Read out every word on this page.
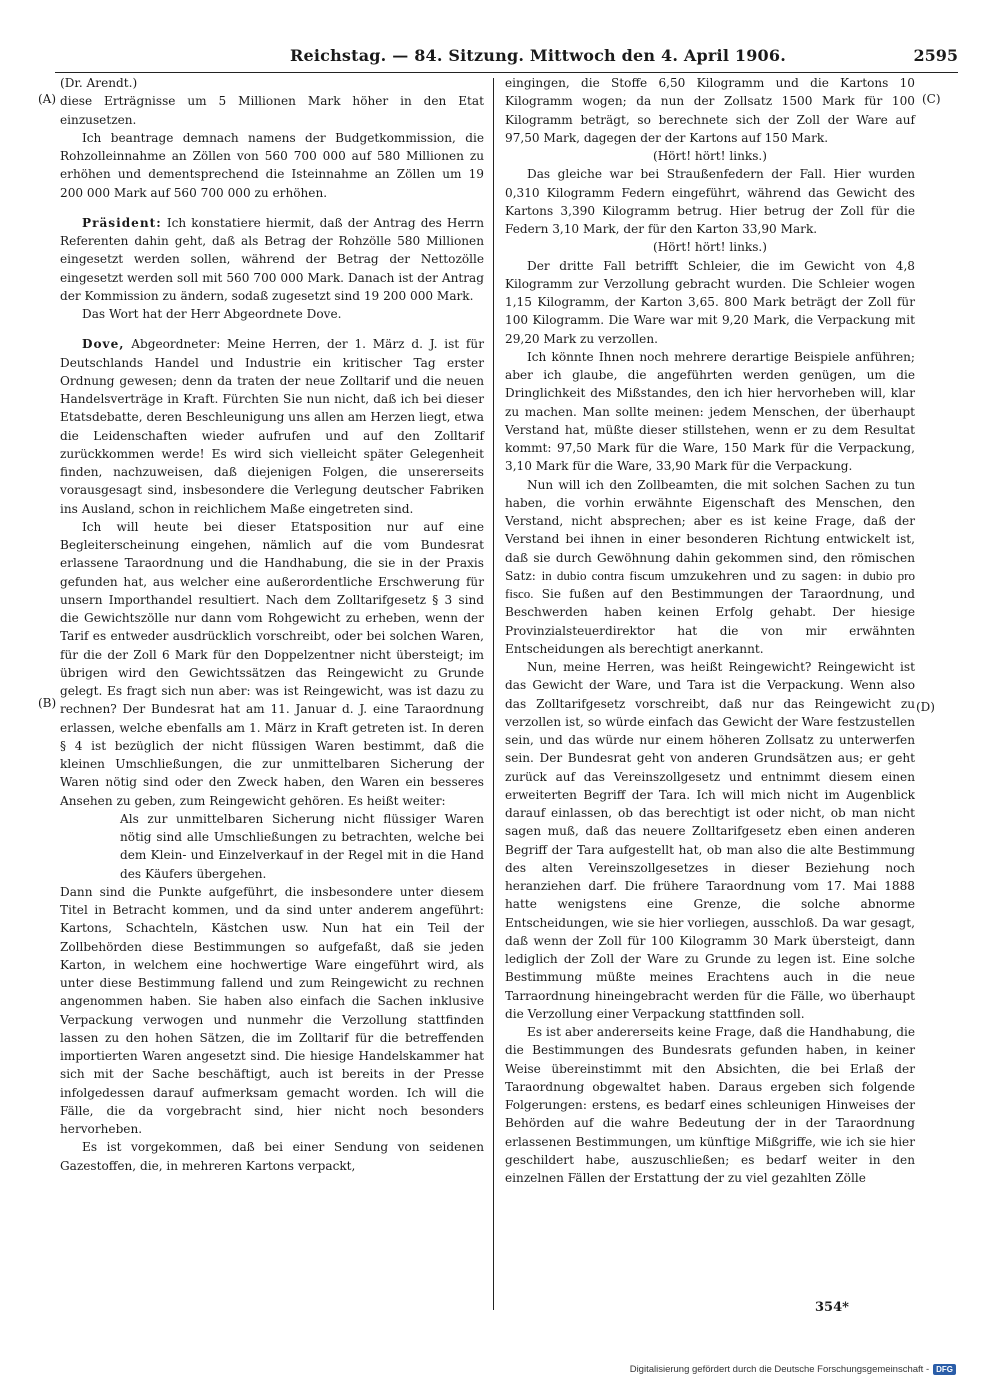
Reichstag. — 84. Sitzung. Mittwoch den 4. April 1906.	2595
(A)
(B)
(C)
(D)

(Dr. Arendt.)

diese Erträgnisse um 5 Millionen Mark höher in den Etat einzusetzen.

Ich beantrage demnach namens der Budgetkommission, die Rohzolleinnahme an Zöllen von 560 700 000 auf 580 Millionen zu erhöhen und dementsprechend die Isteinnahme an Zöllen um 19 200 000 Mark auf 560 700 000 zu erhöhen.

Präsident: Ich konstatiere hiermit, daß der Antrag des Herrn Referenten dahin geht, daß als Betrag der Rohzölle 580 Millionen eingesetzt werden sollen, während der Betrag der Nettozölle eingesetzt werden soll mit 560 700 000 Mark. Danach ist der Antrag der Kommission zu ändern, sodaß zugesetzt sind 19 200 000 Mark.

Das Wort hat der Herr Abgeordnete Dove.

Dove, Abgeordneter: Meine Herren, der 1. März d. J. ist für Deutschlands Handel und Industrie ein kritischer Tag erster Ordnung gewesen; denn da traten der neue Zolltarif und die neuen Handelsverträge in Kraft. Fürchten Sie nun nicht, daß ich bei dieser Etatsdebatte, deren Beschleunigung uns allen am Herzen liegt, etwa die Leidenschaften wieder aufrufen und auf den Zolltarif zurückkommen werde! Es wird sich vielleicht später Gelegenheit finden, nachzuweisen, daß diejenigen Folgen, die unsererseits vorausgesagt sind, insbesondere die Verlegung deutscher Fabriken ins Ausland, schon in reichlichem Maße eingetreten sind.

Ich will heute bei dieser Etatsposition nur auf eine Begleiterscheinung eingehen, nämlich auf die vom Bundesrat erlassene Taraordnung und die Handhabung, die sie in der Praxis gefunden hat, aus welcher eine außerordentliche Erschwerung für unsern Importhandel resultiert. Nach dem Zolltarifgesetz § 3 sind die Gewichtszölle nur dann vom Rohgewicht zu erheben, wenn der Tarif es entweder ausdrücklich vorschreibt, oder bei solchen Waren, für die der Zoll 6 Mark für den Doppelzentner nicht übersteigt; im übrigen wird den Gewichtssätzen das Reingewicht zu Grunde gelegt. Es fragt sich nun aber: was ist Reingewicht, was ist dazu zu rechnen? Der Bundesrat hat am 11. Januar d. J. eine Taraordnung erlassen, welche ebenfalls am 1. März in Kraft getreten ist. In deren § 4 ist bezüglich der nicht flüssigen Waren bestimmt, daß die kleinen Umschließungen, die zur unmittelbaren Sicherung der Waren nötig sind oder den Zweck haben, den Waren ein besseres Ansehen zu geben, zum Reingewicht gehören. Es heißt weiter:

Als zur unmittelbaren Sicherung nicht flüssiger Waren nötig sind alle Umschließungen zu betrachten, welche bei dem Klein- und Einzelverkauf in der Regel mit in die Hand des Käufers übergehen.

Dann sind die Punkte aufgeführt, die insbesondere unter diesem Titel in Betracht kommen, und da sind unter anderem angeführt: Kartons, Schachteln, Kästchen usw. Nun hat ein Teil der Zollbehörden diese Bestimmungen so aufgefaßt, daß sie jeden Karton, in welchem eine hochwertige Ware eingeführt wird, als unter diese Bestimmung fallend und zum Reingewicht zu rechnen angenommen haben. Sie haben also einfach die Sachen inklusive Verpackung verwogen und nunmehr die Verzollung stattfinden lassen zu den hohen Sätzen, die im Zolltarif für die betreffenden importierten Waren angesetzt sind. Die hiesige Handelskammer hat sich mit der Sache beschäftigt, auch ist bereits in der Presse infolgedessen darauf aufmerksam gemacht worden. Ich will die Fälle, die da vorgebracht sind, hier nicht noch besonders hervorheben.

Es ist vorgekommen, daß bei einer Sendung von seidenen Gazestoffen, die, in mehreren Kartons verpackt,

eingingen, die Stoffe 6,50 Kilogramm und die Kartons 10 Kilogramm wogen; da nun der Zollsatz 1500 Mark für 100 Kilogramm beträgt, so berechnete sich der Zoll der Ware auf 97,50 Mark, dagegen der der Kartons auf 150 Mark.

(Hört! hört! links.)

Das gleiche war bei Straußenfedern der Fall. Hier wurden 0,310 Kilogramm Federn eingeführt, während das Gewicht des Kartons 3,390 Kilogramm betrug. Hier betrug der Zoll für die Federn 3,10 Mark, der für den Karton 33,90 Mark.

(Hört! hört! links.)

Der dritte Fall betrifft Schleier, die im Gewicht von 4,8 Kilogramm zur Verzollung gebracht wurden. Die Schleier wogen 1,15 Kilogramm, der Karton 3,65. 800 Mark beträgt der Zoll für 100 Kilogramm. Die Ware war mit 9,20 Mark, die Verpackung mit 29,20 Mark zu verzollen.

Ich könnte Ihnen noch mehrere derartige Beispiele anführen; aber ich glaube, die angeführten werden genügen, um die Dringlichkeit des Mißstandes, den ich hier hervorheben will, klar zu machen. Man sollte meinen: jedem Menschen, der überhaupt Verstand hat, müßte dieser stillstehen, wenn er zu dem Resultat kommt: 97,50 Mark für die Ware, 150 Mark für die Verpackung, 3,10 Mark für die Ware, 33,90 Mark für die Verpackung.

Nun will ich den Zollbeamten, die mit solchen Sachen zu tun haben, die vorhin erwähnte Eigenschaft des Menschen, den Verstand, nicht absprechen; aber es ist keine Frage, daß der Verstand bei ihnen in einer besonderen Richtung entwickelt ist, daß sie durch Gewöhnung dahin gekommen sind, den römischen Satz: in dubio contra fiscum umzukehren und zu sagen: in dubio pro fisco. Sie fußen auf den Bestimmungen der Taraordnung, und Beschwerden haben keinen Erfolg gehabt. Der hiesige Provinzialsteuerdirektor hat die von mir erwähnten Entscheidungen als berechtigt anerkannt.

Nun, meine Herren, was heißt Reingewicht? Reingewicht ist das Gewicht der Ware, und Tara ist die Verpackung. Wenn also das Zolltarifgesetz vorschreibt, daß nur das Reingewicht zu verzollen ist, so würde einfach das Gewicht der Ware festzustellen sein, und das würde nur einem höheren Zollsatz zu unterwerfen sein. Der Bundesrat geht von anderen Grundsätzen aus; er geht zurück auf das Vereinszollgesetz und entnimmt diesem einen erweiterten Begriff der Tara. Ich will mich nicht im Augenblick darauf einlassen, ob das berechtigt ist oder nicht, ob man nicht sagen muß, daß das neuere Zolltarifgesetz eben einen anderen Begriff der Tara aufgestellt hat, ob man also die alte Bestimmung des alten Vereinszollgesetzes in dieser Beziehung noch heranziehen darf. Die frühere Taraordnung vom 17. Mai 1888 hatte wenigstens eine Grenze, die solche abnorme Entscheidungen, wie sie hier vorliegen, ausschloß. Da war gesagt, daß wenn der Zoll für 100 Kilogramm 30 Mark übersteigt, dann lediglich der Zoll der Ware zu Grunde zu legen ist. Eine solche Bestimmung müßte meines Erachtens auch in die neue Tarraordnung hineingebracht werden für die Fälle, wo überhaupt die Verzollung einer Verpackung stattfinden soll.

Es ist aber andererseits keine Frage, daß die Handhabung, die die Bestimmungen des Bundesrats gefunden haben, in keiner Weise übereinstimmt mit den Absichten, die bei Erlaß der Taraordnung obgewaltet haben. Daraus ergeben sich folgende Folgerungen: erstens, es bedarf eines schleunigen Hinweises der Behörden auf die wahre Bedeutung der in der Taraordnung erlassenen Bestimmungen, um künftige Mißgriffe, wie ich sie hier geschildert habe, auszuschließen; es bedarf weiter in den einzelnen Fällen der Erstattung der zu viel gezahlten Zölle

354*
Digitalisierung gefördert durch die Deutsche Forschungsgemeinschaft - DFG
